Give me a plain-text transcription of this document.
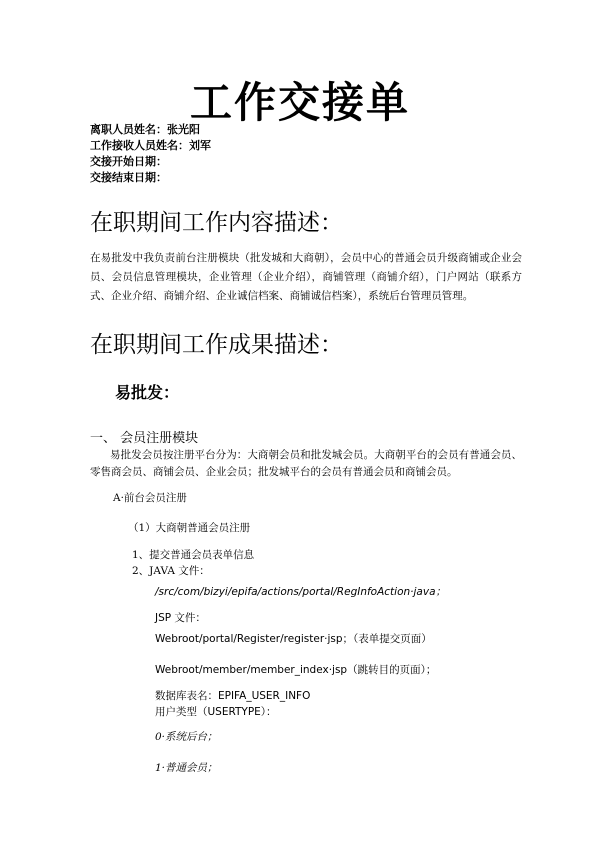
工作交接单
离职人员姓名：张光阳
工作接收人员姓名：刘军
交接开始日期：
交接结束日期：
在职期间工作内容描述：
在易批发中我负责前台注册模块（批发城和大商朝），会员中心的普通会员升级商铺或企业会员、会员信息管理模块，企业管理（企业介绍），商铺管理（商铺介绍），门户网站（联系方式、企业介绍、商铺介绍、企业诚信档案、商铺诚信档案），系统后台管理员管理。
在职期间工作成果描述：
易批发：
一、 会员注册模块
易批发会员按注册平台分为：大商朝会员和批发城会员。大商朝平台的会员有普通会员、零售商会员、商铺会员、企业会员；批发城平台的会员有普通会员和商铺会员。
A·前台会员注册
（1）大商朝普通会员注册
1、提交普通会员表单信息
2、JAVA 文件：
/src/com/bizyi/epifa/actions/portal/RegInfoAction·java；
JSP 文件：
Webroot/portal/Register/register·jsp；（表单提交页面）
Webroot/member/member_index·jsp（跳转目的页面）；
数据库表名：EPIFA_USER_INFO
用户类型（USERTYPE）：
0·系统后台；
1·普通会员；
